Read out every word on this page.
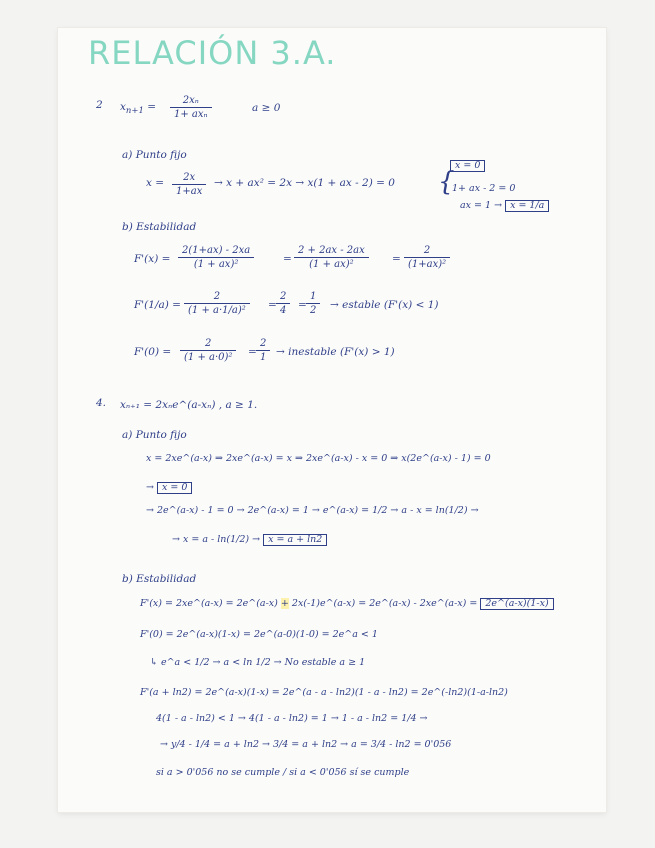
RELACIÓN 3.A.
2 $x_{n+1}$ =
2xₙ
1+ axₙ
a ≥ 0
a) Punto fijo
x =	2x
1+ax
→ x + ax² = 2x → x(1 + ax - 2) = 0 {
x = 0
1+ ax - 2 = 0
ax = 1 → x = 1/a
b) Estabilidad
F'(x) =
2(1+ax) - 2xa
(1 + ax)²	=
2 + 2ax - 2ax
(1 + ax)²	=
2
(1+ax)²
F'(1/a) =
2
(1 + a·1/a)²	=
2
4	=
1
2	→ estable (F'(x) < 1)
F'(0) =
2
(1 + a·0)²	=
2
1 → inestable (F'(x) > 1)
4. xₙ₊₁ = 2xₙe^(a-xₙ) , a ≥ 1.
a) Punto fijo
x = 2xe^(a-x) ⇒ 2xe^(a-x) = x ⇒ 2xe^(a-x) - x = 0 ⇒ x(2e^(a-x) - 1) = 0
→ x = 0
→ 2e^(a-x) - 1 = 0 → 2e^(a-x) = 1 → e^(a-x) = 1/2 → a - x = ln(1/2) →
→ x = a - ln(1/2) → x = a + ln2
b) Estabilidad
F'(x) = 2xe^(a-x) = 2e^(a-x) + 2x(-1)e^(a-x) = 2e^(a-x) - 2xe^(a-x) = 2e^(a-x)(1-x)
F'(0) = 2e^(a-x)(1-x) = 2e^(a-0)(1-0) = 2e^a < 1
↳ e^a < 1/2 → a < ln 1/2 → No estable a ≥ 1
F'(a + ln2) = 2e^(a-x)(1-x) = 2e^(a - a - ln2)(1 - a - ln2) = 2e^(-ln2)(1-a-ln2)
4(1 - a - ln2) < 1 → 4(1 - a - ln2) = 1 → 1 - a - ln2 = 1/4 →
→ y/4 - 1/4 = a + ln2 → 3/4 = a + ln2 → a = 3/4 - ln2 = 0'056
si a > 0'056 no se cumple / si a < 0'056 sí se cumple
